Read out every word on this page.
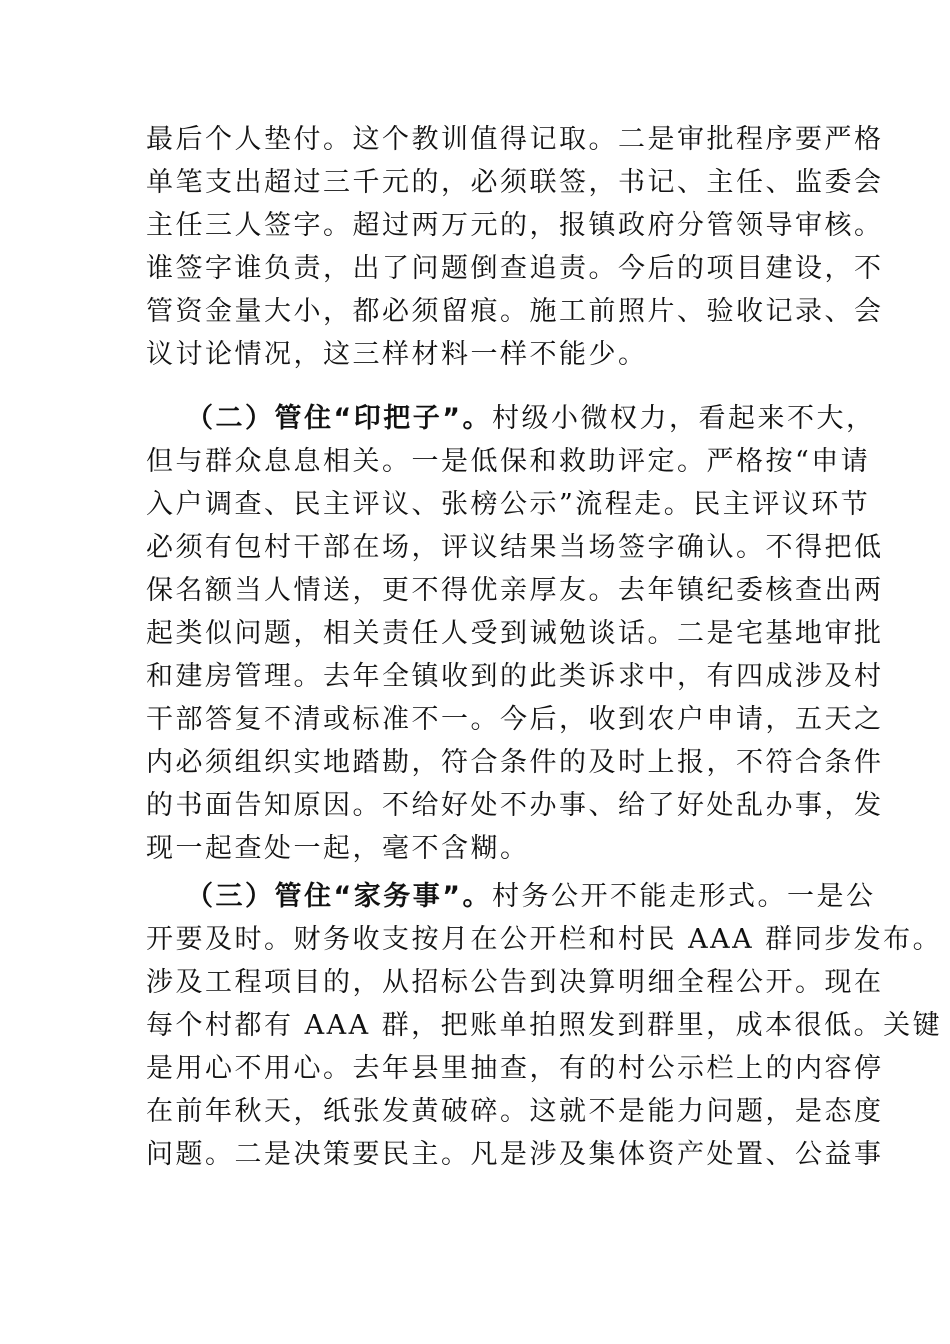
最后个人垫付。这个教训值得记取。二是审批程序要严格
单笔支出超过三千元的，必须联签，书记、主任、监委会
主任三人签字。超过两万元的，报镇政府分管领导审核。
谁签字谁负责，出了问题倒查追责。今后的项目建设，不
管资金量大小，都必须留痕。施工前照片、验收记录、会
议讨论情况，这三样材料一样不能少。
（二）管住“印把子”。村级小微权力，看起来不大，
但与群众息息相关。一是低保和救助评定。严格按“申请
入户调查、民主评议、张榜公示”流程走。民主评议环节
必须有包村干部在场，评议结果当场签字确认。不得把低
保名额当人情送，更不得优亲厚友。去年镇纪委核查出两
起类似问题，相关责任人受到诫勉谈话。二是宅基地审批
和建房管理。去年全镇收到的此类诉求中，有四成涉及村
干部答复不清或标准不一。今后，收到农户申请，五天之
内必须组织实地踏勘，符合条件的及时上报，不符合条件
的书面告知原因。不给好处不办事、给了好处乱办事，发
现一起查处一起，毫不含糊。
（三）管住“家务事”。村务公开不能走形式。一是公
开要及时。财务收支按月在公开栏和村民 AAA 群同步发布。
涉及工程项目的，从招标公告到决算明细全程公开。现在
每个村都有 AAA 群，把账单拍照发到群里，成本很低。关键
是用心不用心。去年县里抽查，有的村公示栏上的内容停
在前年秋天，纸张发黄破碎。这就不是能力问题，是态度
问题。二是决策要民主。凡是涉及集体资产处置、公益事
